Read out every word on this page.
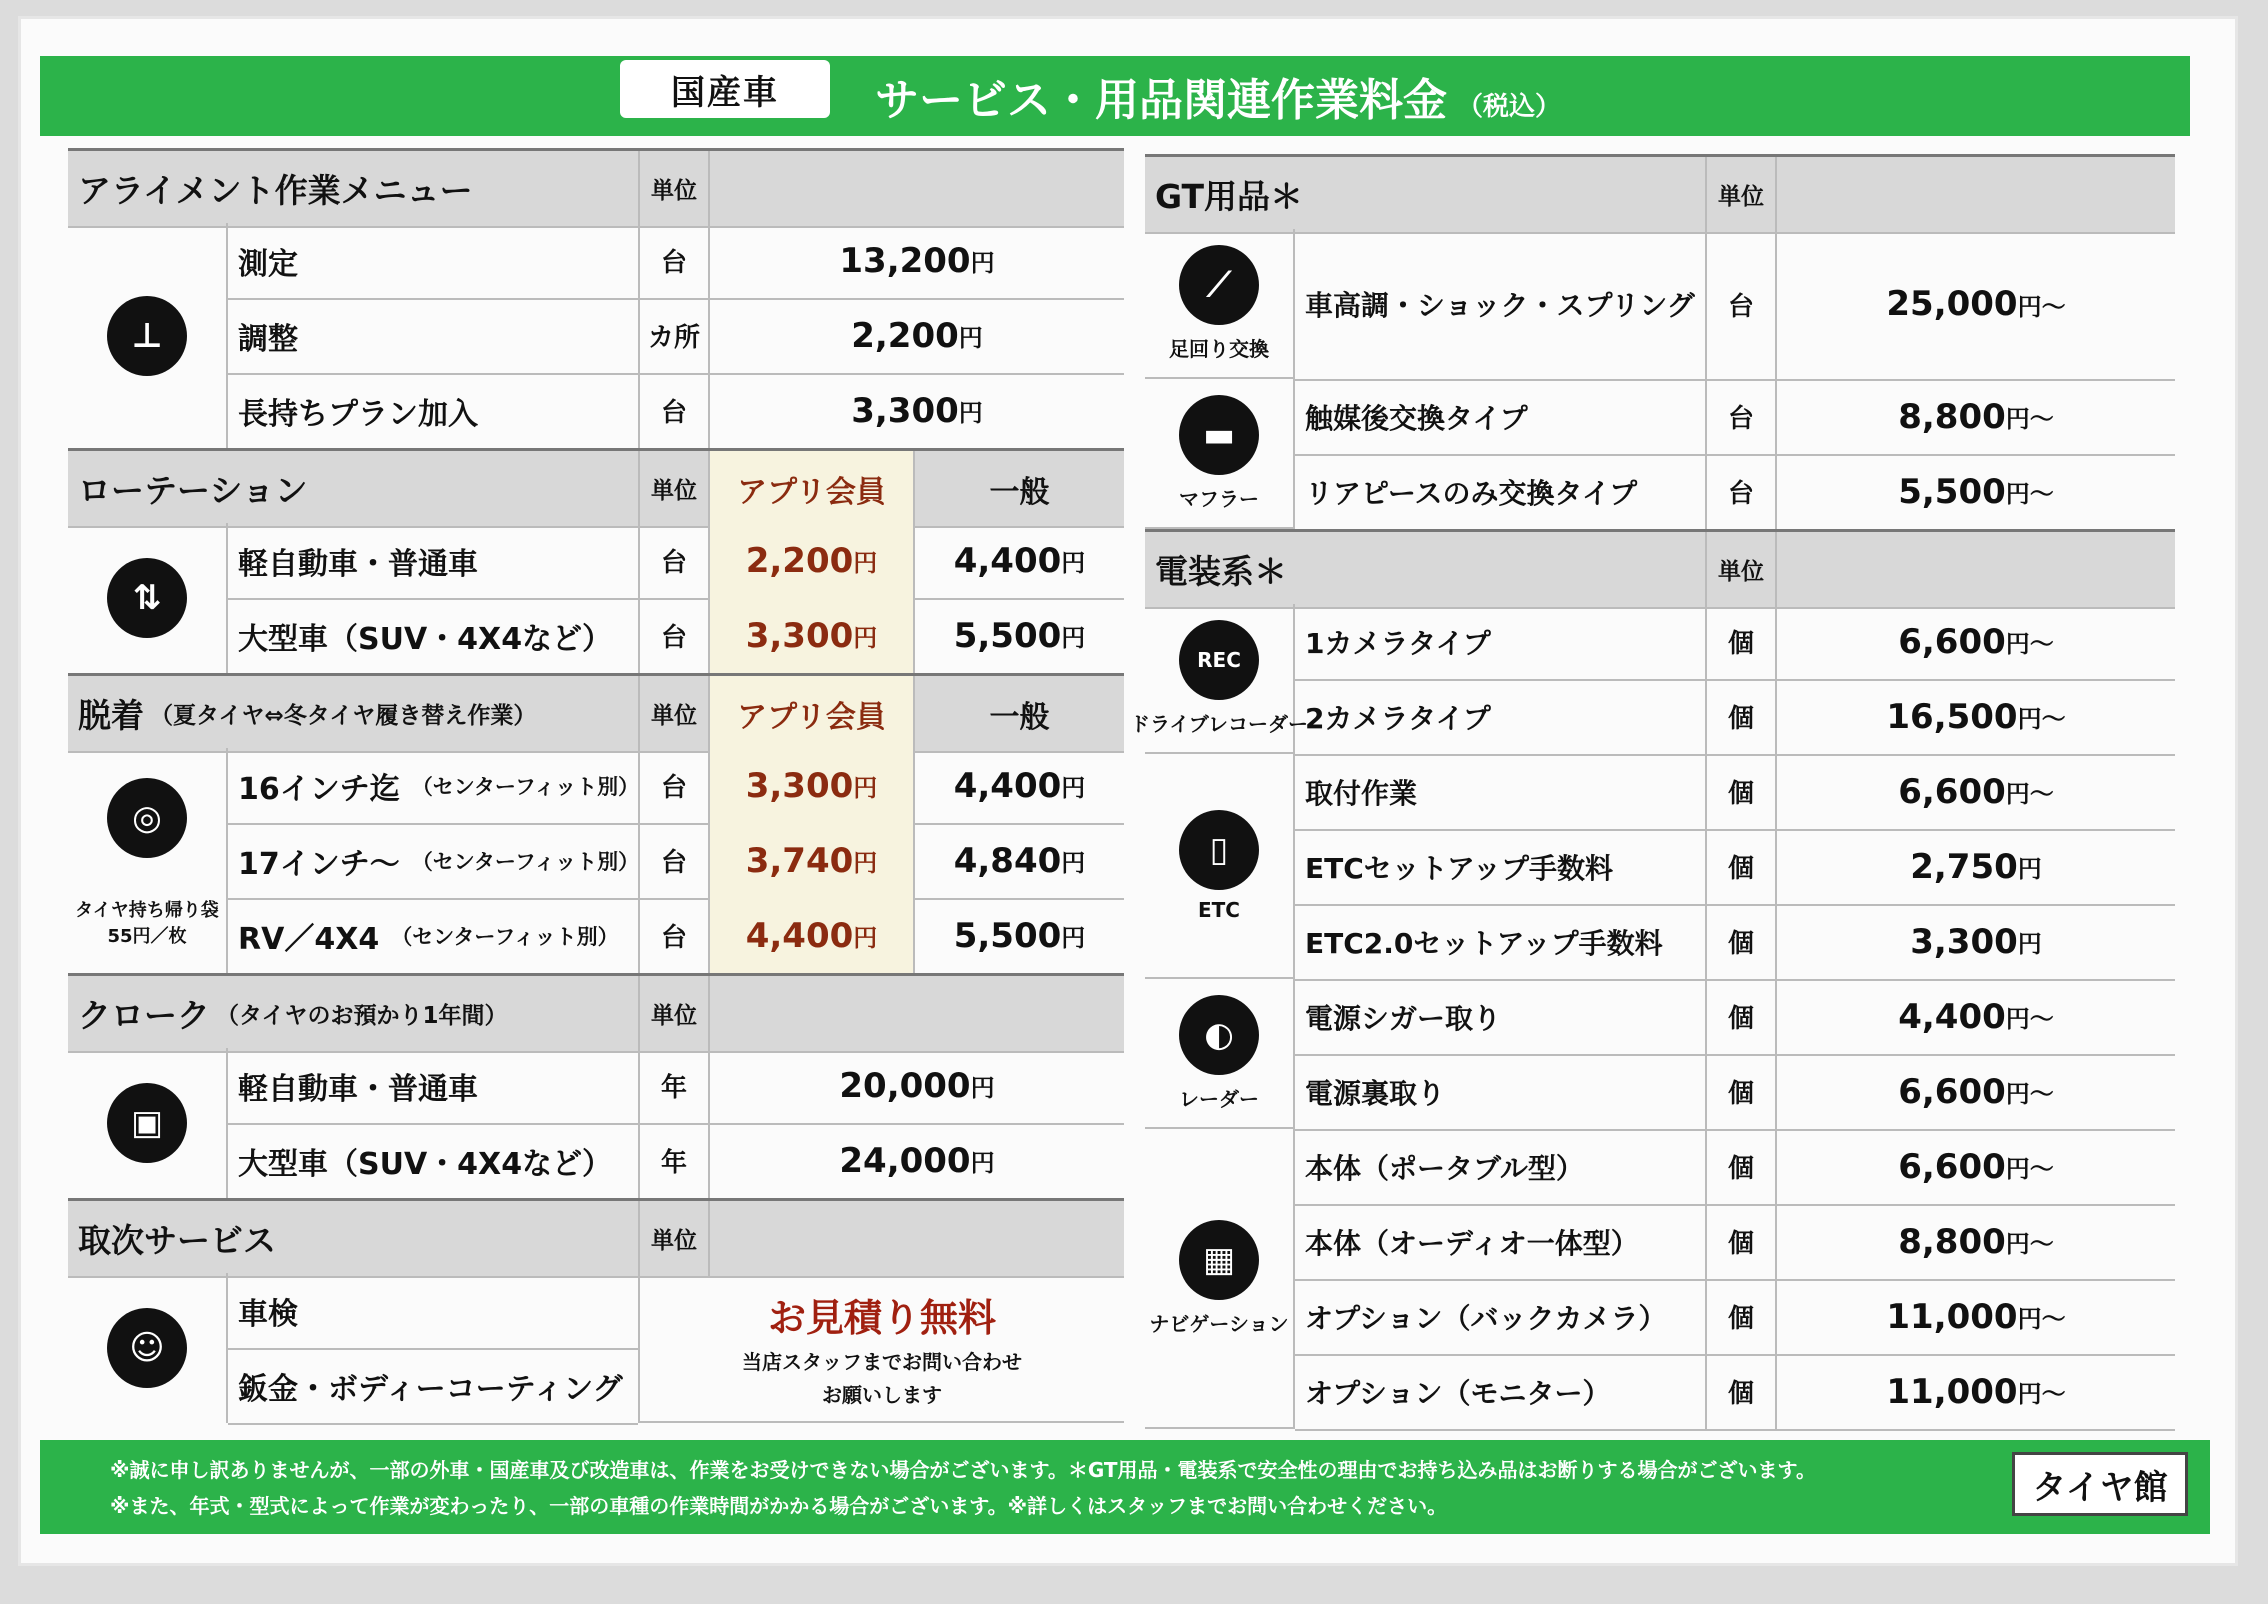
国産車	サービス・用品関連作業料金 （税込）
アライメント作業メニュー	単位
⊥
測定	台	13,200 円
調整	カ所	2,200 円
長持ちプラン加入	台	3,300 円
ローテーション	単位	アプリ会員	一般
⇅
軽自動車・普通車	台	2,200 円 4,400 円
大型車（SUV・4X4など）	台	3,300 円 5,500 円
脱着 （夏タイヤ⇔冬タイヤ履き替え作業）	単位	アプリ会員	一般
◎
タイヤ持ち帰り袋
55円／枚
16インチ迄 （センターフィット別） 台	3,300 円 4,400 円
17インチ〜 （センターフィット別） 台	3,740 円 4,840 円
RV／4X4 （センターフィット別）	台	4,400 円 5,500 円
クローク （タイヤのお預かり1年間）	単位
▣
軽自動車・普通車	年	20,000 円
大型車（SUV・4X4など）	年	24,000 円
取次サービス	単位
☺
車検
鈑金・ボディーコーティング
お見積り無料
当店スタッフまでお問い合わせ
お願いします
GT用品＊	単位
⟋
足回り交換
車高調・ショック・スプリング	台	25,000 円 〜
▬
マフラー
触媒後交換タイプ	台	8,800 円 〜
リアピースのみ交換タイプ	台	5,500 円 〜
電装系＊	単位
REC
ドライブレコーダー
1カメラタイプ	個	6,600 円 〜
2カメラタイプ	個	16,500 円 〜
▯
ETC
取付作業	個	6,600 円 〜
ETCセットアップ手数料	個	2,750 円
ETC2.0セットアップ手数料	個	3,300 円
◐
レーダー
電源シガー取り	個	4,400 円 〜
電源裏取り	個	6,600 円 〜
▦
ナビゲーション
本体（ポータブル型）	個	6,600 円 〜
本体（オーディオ一体型）	個	8,800 円 〜
オプション（バックカメラ）	個	11,000 円 〜
オプション（モニター）	個	11,000 円 〜
※誠に申し訳ありませんが、一部の外車・国産車及び改造車は、作業をお受けできない場合がございます。＊GT用品・電装系で安全性の理由でお持ち込み品はお断りする場合がございます。
※また、年式・型式によって作業が変わったり、一部の車種の作業時間がかかる場合がございます。※詳しくはスタッフまでお問い合わせください。	タイヤ館
